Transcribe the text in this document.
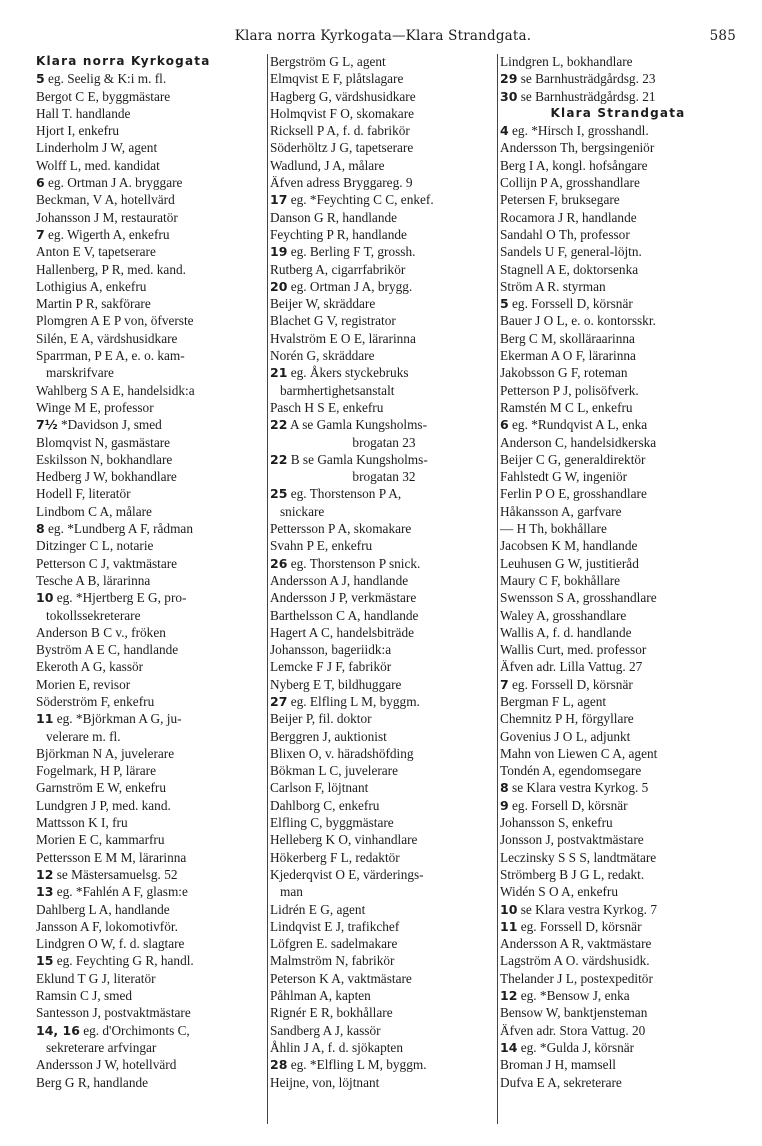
Klara norra Kyrkogata—Klara Strandgata.	585
Klara norra Kyrkogata
5 eg. Seelig & K:i m. fl.
Bergot C E, byggmästare
Hall T. handlande
Hjort I, enkefru
Linderholm J W, agent
Wolff L, med. kandidat
6 eg. Ortman J A. bryggare
Beckman, V A, hotellvärd
Johansson J M, restauratör
7 eg. Wigerth A, enkefru
Anton E V, tapetserare
Hallenberg, P R, med. kand.
Lothigius A, enkefru
Martin P R, sakförare
Plomgren A E P von, öfverste
Silén, E A, värdshusidkare
Sparrman, P E A, e. o. kam-
marskrifvare
Wahlberg S A E, handelsidk:a
Winge M E, professor
7½ *Davidson J, smed
Blomqvist N, gasmästare
Eskilsson N, bokhandlare
Hedberg J W, bokhandlare
Hodell F, literatör
Lindbom C A, målare
8 eg. *Lundberg A F, rådman
Ditzinger C L, notarie
Petterson C J, vaktmästare
Tesche A B, lärarinna
10 eg. *Hjertberg E G, pro-
tokollssekreterare
Anderson B C v., fröken
Byström A E C, handlande
Ekeroth A G, kassör
Morien E, revisor
Söderström F, enkefru
11 eg. *Björkman A G, ju-
velerare m. fl.
Björkman N A, juvelerare
Fogelmark, H P, lärare
Garnström E W, enkefru
Lundgren J P, med. kand.
Mattsson K I, fru
Morien E C, kammarfru
Pettersson E M M, lärarinna
12 se Mästersamuelsg. 52
13 eg. *Fahlén A F, glasm:e
Dahlberg L A, handlande
Jansson A F, lokomotivför.
Lindgren O W, f. d. slagtare
15 eg. Feychting G R, handl.
Eklund T G J, literatör
Ramsin C J, smed
Santesson J, postvaktmästare
14, 16 eg. d'Orchimonts C,
sekreterare arfvingar
Andersson J W, hotellvärd
Berg G R, handlande
Bergström G L, agent
Elmqvist E F, plåtslagare
Hagberg G, värdshusidkare
Holmqvist F O, skomakare
Ricksell P A, f. d. fabrikör
Söderhöltz J G, tapetserare
Wadlund, J A, målare
Äfven adress Bryggareg. 9
17 eg. *Feychting C C, enkef.
Danson G R, handlande
Feychting P R, handlande
19 eg. Berling F T, grossh.
Rutberg A, cigarrfabrikör
20 eg. Ortman J A, brygg.
Beijer W, skräddare
Blachet G V, registrator
Hvalström E O E, lärarinna
Norén G, skräddare
21 eg. Åkers styckebruks
barmhertighetsanstalt
Pasch H S E, enkefru
22 A se Gamla Kungsholms-
brogatan 23
22 B se Gamla Kungsholms-
brogatan 32
25 eg. Thorstenson P A,
snickare
Pettersson P A, skomakare
Svahn P E, enkefru
26 eg. Thorstenson P snick.
Andersson A J, handlande
Andersson J P, verkmästare
Barthelsson C A, handlande
Hagert A C, handelsbiträde
Johansson, bageriidk:a
Lemcke F J F, fabrikör
Nyberg E T, bildhuggare
27 eg. Elfling L M, byggm.
Beijer P, fil. doktor
Berggren J, auktionist
Blixen O, v. häradshöfding
Bökman L C, juvelerare
Carlson F, löjtnant
Dahlborg C, enkefru
Elfling C, byggmästare
Helleberg K O, vinhandlare
Hökerberg F L, redaktör
Kjederqvist O E, värderings-
man
Lidrén E G, agent
Lindqvist E J, trafikchef
Löfgren E. sadelmakare
Malmström N, fabrikör
Peterson K A, vaktmästare
Påhlman A, kapten
Rignér E R, bokhållare
Sandberg A J, kassör
Åhlin J A, f. d. sjökapten
28 eg. *Elfling L M, byggm.
Heijne, von, löjtnant
Lindgren L, bokhandlare
29 se Barnhusträdgårdsg. 23
30 se Barnhusträdgårdsg. 21
Klara Strandgata
4 eg. *Hirsch I, grosshandl.
Andersson Th, bergsingeniör
Berg I A, kongl. hofsångare
Collijn P A, grosshandlare
Petersen F, bruksegare
Rocamora J R, handlande
Sandahl O Th, professor
Sandels U F, general-löjtn.
Stagnell A E, doktorsenka
Ström A R. styrman
5 eg. Forssell D, körsnär
Bauer J O L, e. o. kontorsskr.
Berg C M, skolläraarinna
Ekerman A O F, lärarinna
Jakobsson G F, roteman
Petterson P J, polisöfverk.
Ramstén M C L, enkefru
6 eg. *Rundqvist A L, enka
Anderson C, handelsidkerska
Beijer C G, generaldirektör
Fahlstedt G W, ingeniör
Ferlin P O E, grosshandlare
Håkansson A, garfvare
— H Th, bokhållare
Jacobsen K M, handlande
Leuhusen G W, justitieråd
Maury C F, bokhållare
Swensson S A, grosshandlare
Waley A, grosshandlare
Wallis A, f. d. handlande
Wallis Curt, med. professor
Äfven adr. Lilla Vattug. 27
7 eg. Forssell D, körsnär
Bergman F L, agent
Chemnitz P H, förgyllare
Govenius J O L, adjunkt
Mahn von Liewen C A, agent
Tondén A, egendomsegare
8 se Klara vestra Kyrkog. 5
9 eg. Forsell D, körsnär
Johansson S, enkefru
Jonsson J, postvaktmästare
Leczinsky S S S, landtmätare
Strömberg B J G L, redakt.
Widén S O A, enkefru
10 se Klara vestra Kyrkog. 7
11 eg. Forssell D, körsnär
Andersson A R, vaktmästare
Lagström A O. värdshusidk.
Thelander J L, postexpeditör
12 eg. *Bensow J, enka
Bensow W, banktjensteman
Äfven adr. Stora Vattug. 20
14 eg. *Gulda J, körsnär
Broman J H, mamsell
Dufva E A, sekreterare
